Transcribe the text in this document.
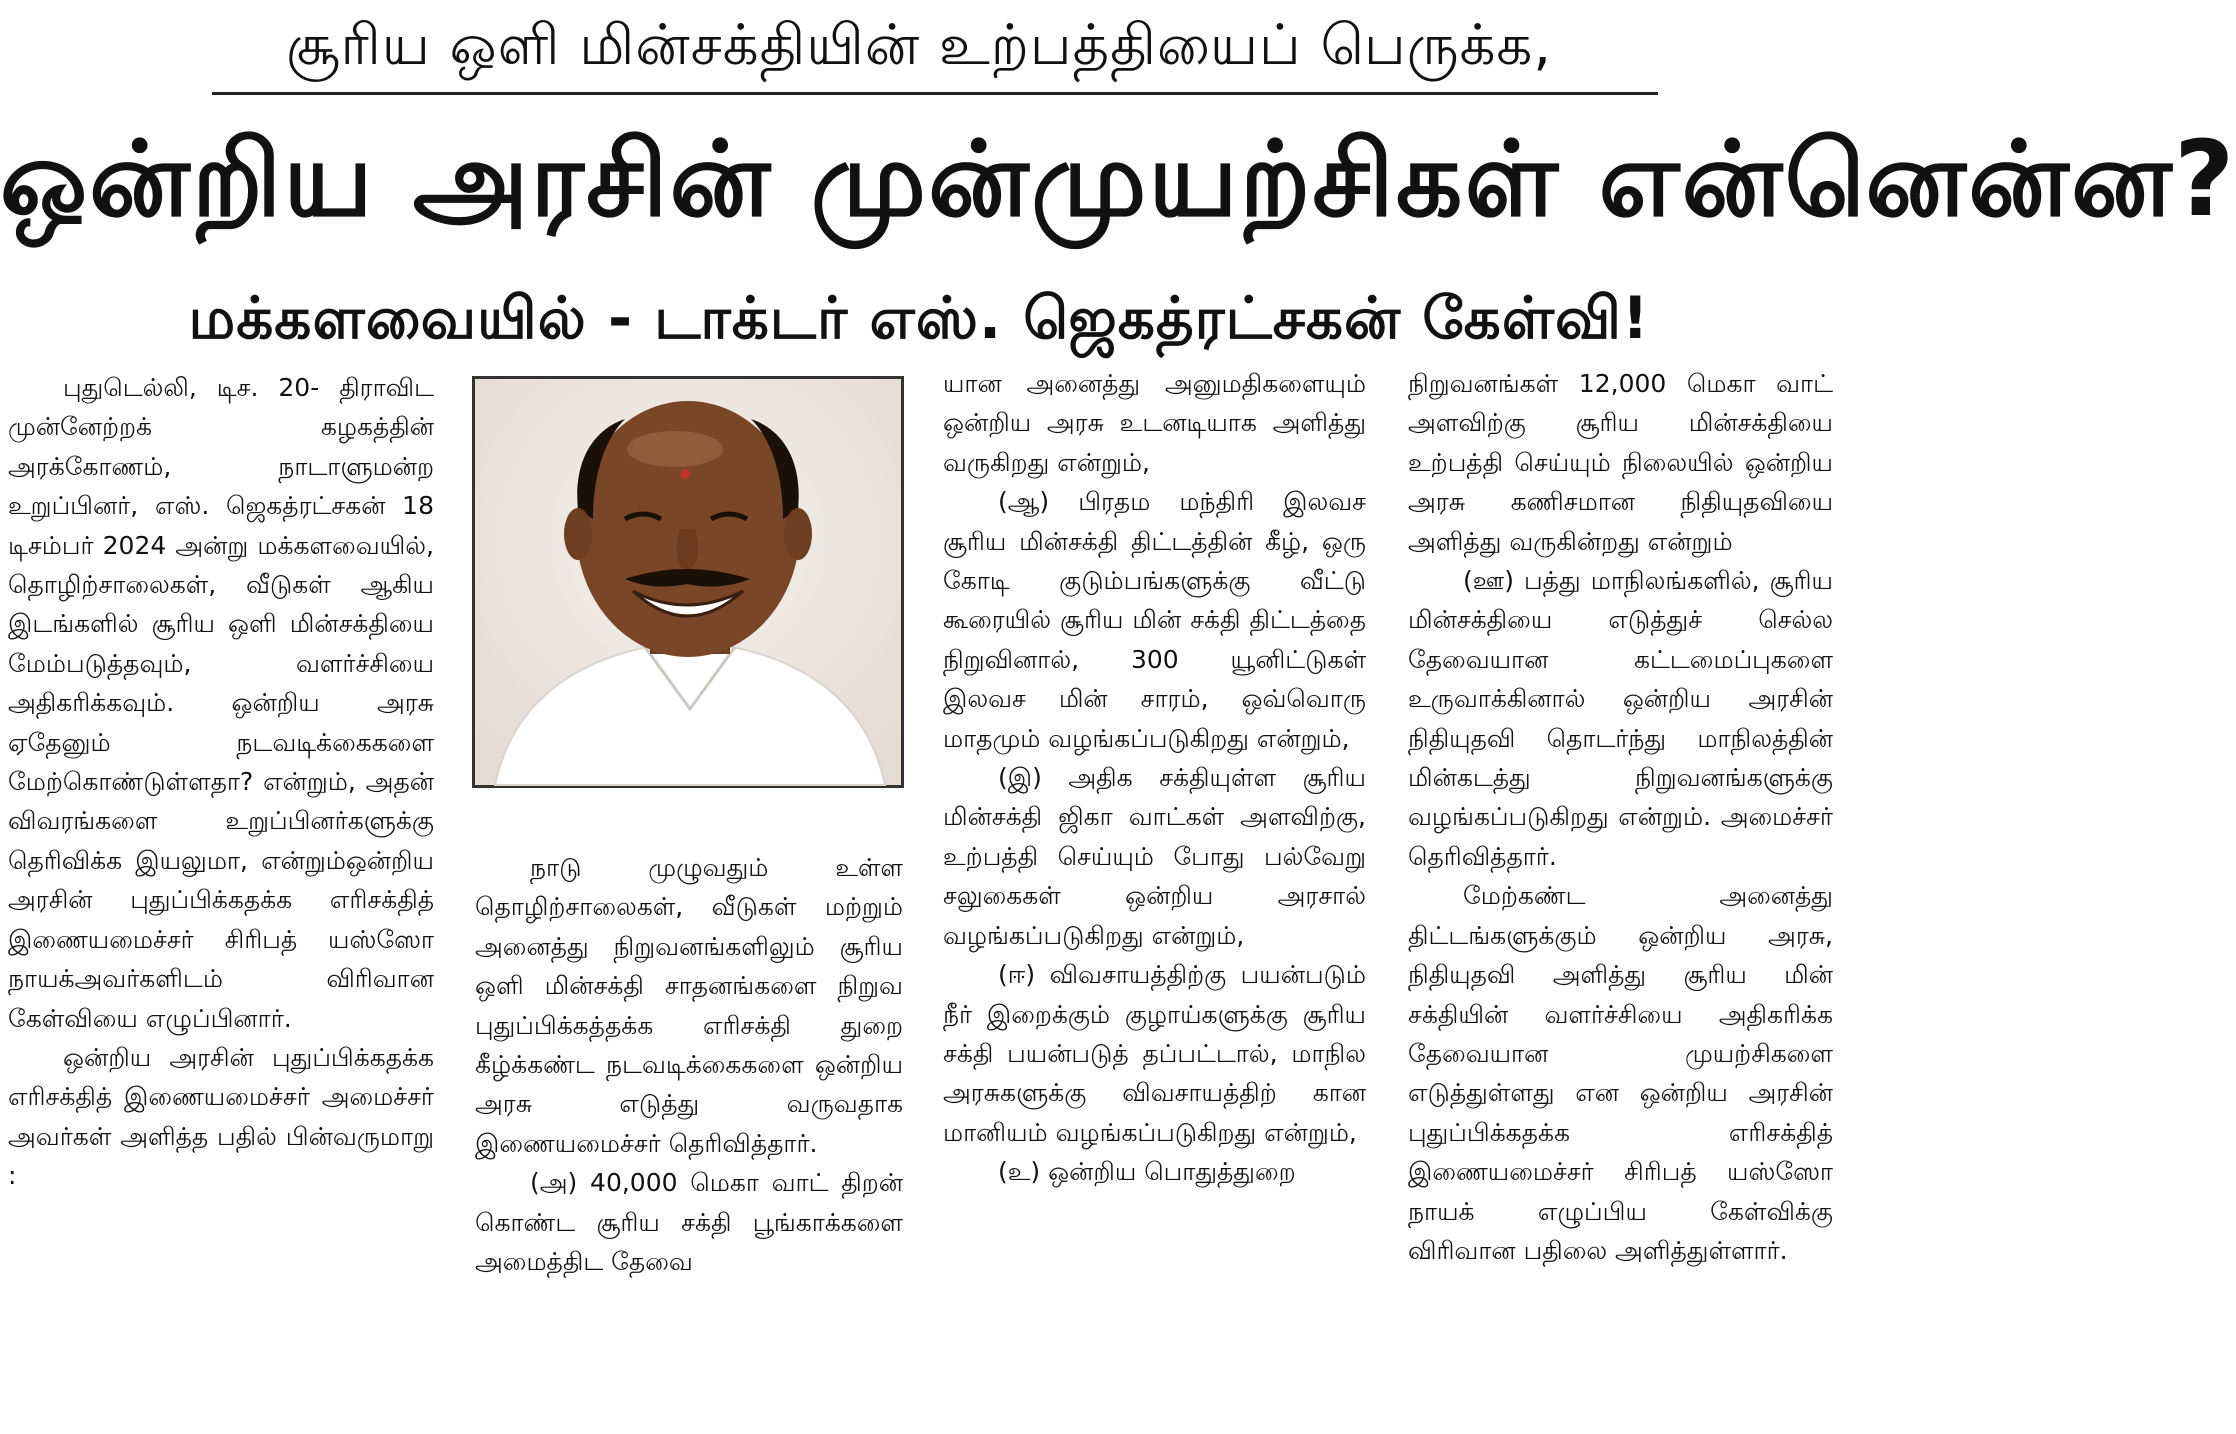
சூரிய ஒளி மின்சக்தியின் உற்பத்தியைப் பெருக்க,
ஒன்றிய அரசின் முன்முயற்சிகள் என்னென்ன?
மக்களவையில் - டாக்டர் எஸ். ஜெகத்ரட்சகன் கேள்வி!

புதுடெல்லி, டிச. 20- திராவிட முன்னேற்றக் கழகத்தின் அரக்கோணம், நாடாளுமன்ற உறுப்பினர், எஸ். ஜெகத்ரட்சகன் 18 டிசம்பர் 2024 அன்று மக்களவையில், தொழிற்சாலைகள், வீடுகள் ஆகிய இடங்களில் சூரிய ஒளி மின்சக்தியை மேம்படுத்தவும், வளர்ச்சியை அதிகரிக்கவும். ஒன்றிய அரசு ஏதேனும் நடவடிக்கைகளை மேற்கொண்டுள்ளதா? என்றும், அதன் விவரங்களை உறுப்பினர்களுக்கு தெரிவிக்க இயலுமா, என்றும்ஒன்றிய அரசின் புதுப்பிக்கதக்க எரிசக்தித் இணையமைச்சர் சிரிபத் யஸ்ஸோ நாயக்அவர்களிடம் விரிவான கேள்வியை எழுப்பினார்.

ஒன்றிய அரசின் புதுப்பிக்கதக்க எரிசக்தித் இணையமைச்சர் அமைச்சர் அவர்கள் அளித்த பதில் பின்வருமாறு :

நாடு முழுவதும் உள்ள தொழிற்சாலைகள், வீடுகள் மற்றும் அனைத்து நிறுவனங்களிலும் சூரிய ஒளி மின்சக்தி சாதனங்களை நிறுவ புதுப்பிக்கத்தக்க எரிசக்தி துறை கீழ்க்கண்ட நடவடிக்கைகளை ஒன்றிய அரசு எடுத்து வருவதாக இணையமைச்சர் தெரிவித்தார்.

(அ) 40,000 மெகா வாட் திறன் கொண்ட சூரிய சக்தி பூங்காக்களை அமைத்திட தேவை

யான அனைத்து அனுமதிகளையும் ஒன்றிய அரசு உடனடியாக அளித்து வருகிறது என்றும்,

(ஆ) பிரதம மந்திரி இலவச சூரிய மின்சக்தி திட்டத்தின் கீழ், ஒரு கோடி குடும்பங்களுக்கு வீட்டு கூரையில் சூரிய மின் சக்தி திட்டத்தை நிறுவினால், 300 யூனிட்டுகள் இலவச மின் சாரம், ஒவ்வொரு மாதமும் வழங்கப்படுகிறது என்றும்,

(இ) அதிக சக்தியுள்ள சூரிய மின்சக்தி ஜிகா வாட்கள் அளவிற்கு, உற்பத்தி செய்யும் போது பல்வேறு சலுகைகள் ஒன்றிய அரசால் வழங்கப்படுகிறது என்றும்,

(ஈ) விவசாயத்திற்கு பயன்படும் நீர் இறைக்கும் குழாய்களுக்கு சூரிய சக்தி பயன்படுத் தப்பட்டால், மாநில அரசுகளுக்கு விவசாயத்திற் கான மானியம் வழங்கப்படுகிறது என்றும்,

(உ) ஒன்றிய பொதுத்துறை

நிறுவனங்கள் 12,000 மெகா வாட் அளவிற்கு சூரிய மின்சக்தியை உற்பத்தி செய்யும் நிலையில் ஒன்றிய அரசு கணிசமான நிதியுதவியை அளித்து வருகின்றது என்றும்

(ஊ) பத்து மாநிலங்களில், சூரிய மின்சக்தியை எடுத்துச் செல்ல தேவையான கட்டமைப்புகளை உருவாக்கினால் ஒன்றிய அரசின் நிதியுதவி தொடர்ந்து மாநிலத்தின் மின்கடத்து நிறுவனங்களுக்கு வழங்கப்படுகிறது என்றும். அமைச்சர் தெரிவித்தார்.

மேற்கண்ட அனைத்து திட்டங்களுக்கும் ஒன்றிய அரசு, நிதியுதவி அளித்து சூரிய மின் சக்தியின் வளர்ச்சியை அதிகரிக்க தேவையான முயற்சிகளை எடுத்துள்ளது என ஒன்றிய அரசின் புதுப்பிக்கதக்க எரிசக்தித் இணையமைச்சர் சிரிபத் யஸ்ஸோ நாயக் எழுப்பிய கேள்விக்கு விரிவான பதிலை அளித்துள்ளார்.
